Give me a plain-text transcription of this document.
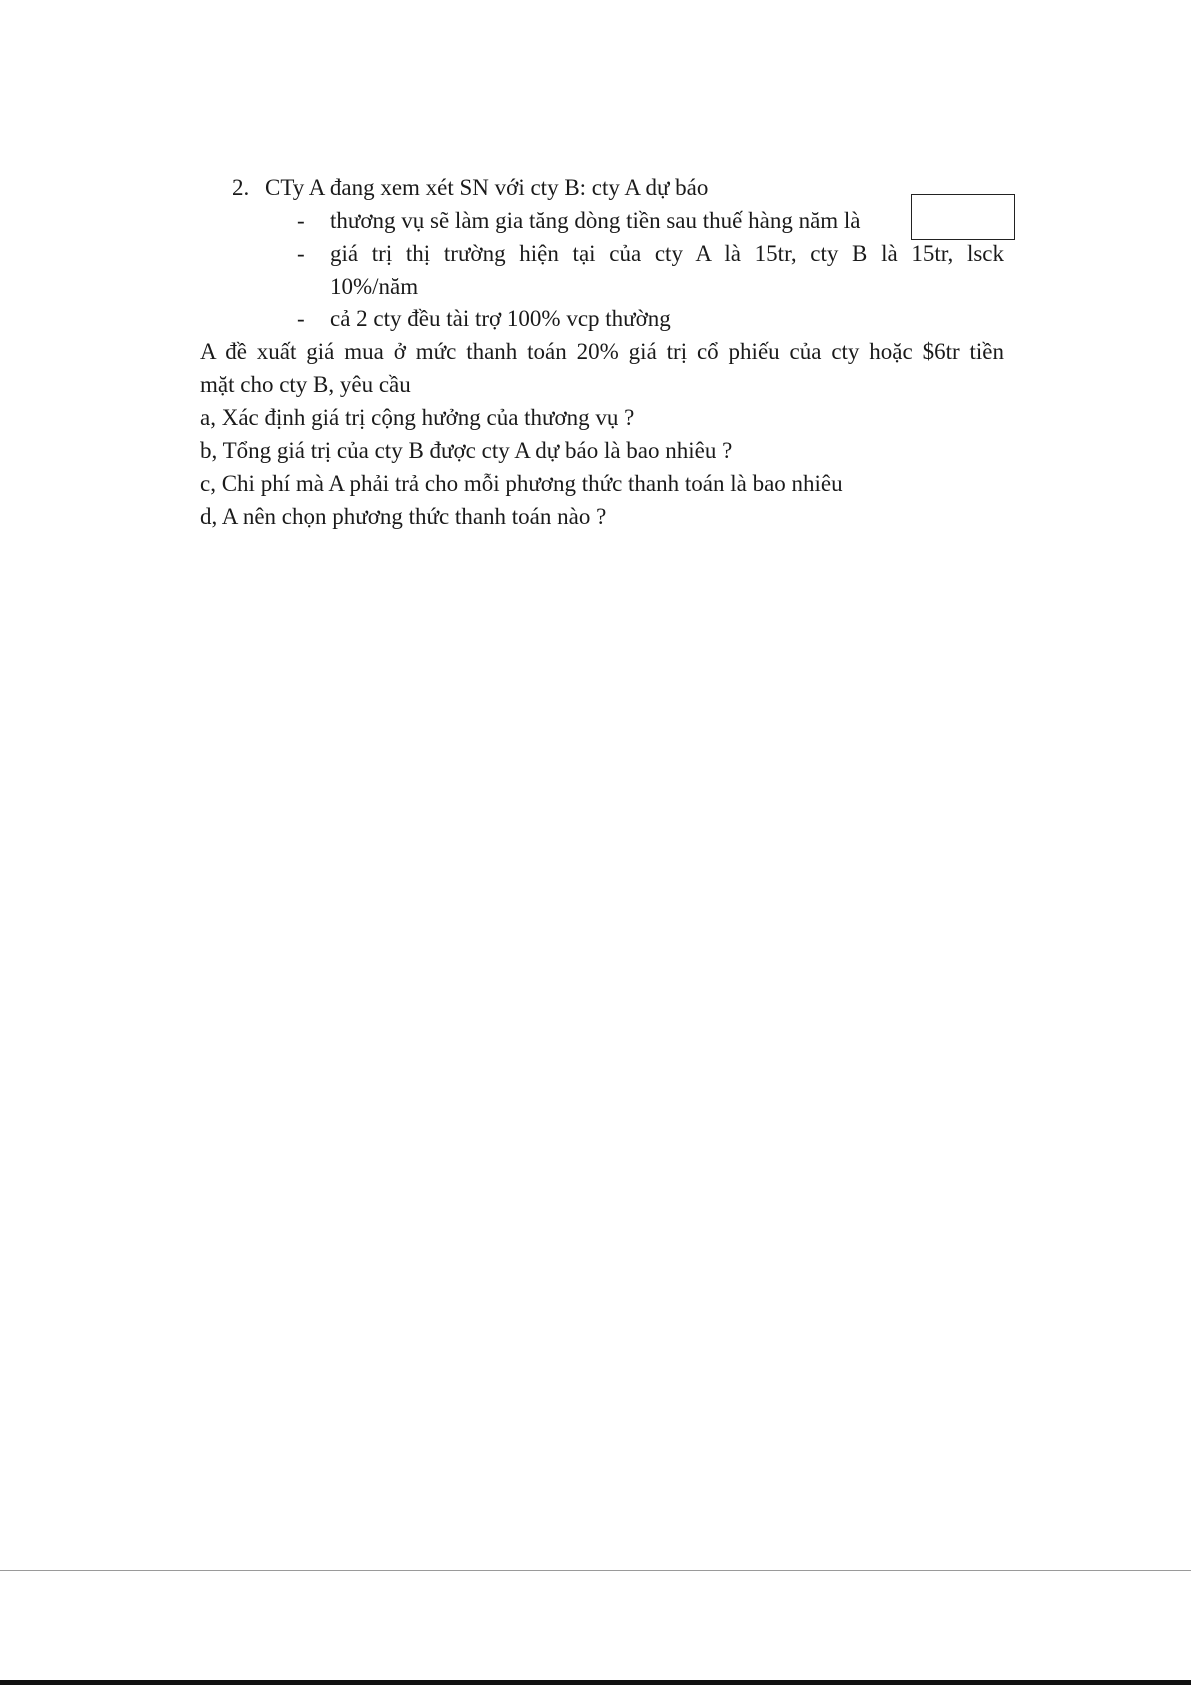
2. CTy A đang xem xét SN với cty B: cty A dự báo
- thương vụ sẽ làm gia tăng dòng tiền sau thuế hàng năm là
- giá trị thị trường hiện tại của cty A là 15tr, cty B là 15tr, lsck
10%/năm
- cả 2 cty đều tài trợ 100% vcp thường
A đề xuất giá mua ở mức thanh toán 20% giá trị cổ phiếu của cty hoặc $6tr tiền
mặt cho cty B, yêu cầu
a, Xác định giá trị cộng hưởng của thương vụ ?
b, Tổng giá trị của cty B được cty A dự báo là bao nhiêu ?
c, Chi phí mà A phải trả cho mỗi phương thức thanh toán là bao nhiêu
d, A nên chọn phương thức thanh toán nào ?
